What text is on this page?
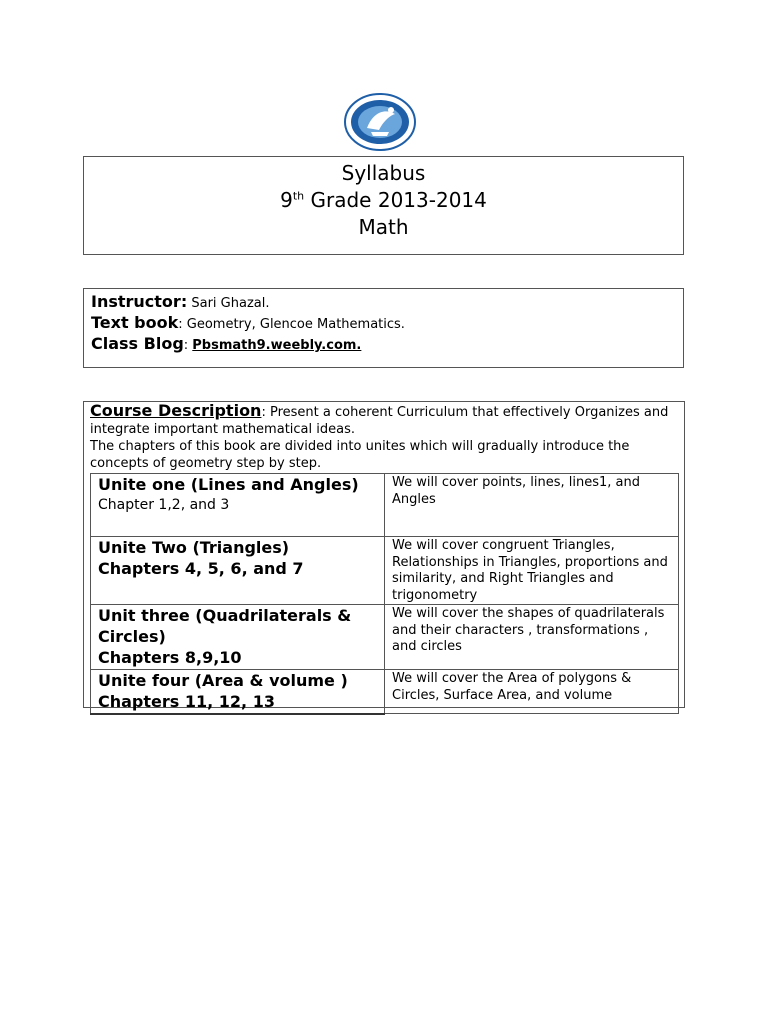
Syllabus
9th Grade 2013-2014
Math
Instructor: Sari Ghazal.
Text book: Geometry, Glencoe Mathematics.
Class Blog: Pbsmath9.weebly.com.
Course Description: Present a coherent Curriculum that effectively Organizes and integrate important mathematical ideas.
The chapters of this book are divided into unites which will gradually introduce the concepts of geometry step by step.
Unite one (Lines and Angles)
Chapter 1,2, and 3	We will cover points, lines, lines1, and Angles

Unite Two (Triangles)
Chapters 4, 5, 6, and 7	We will cover congruent Triangles, Relationships in Triangles, proportions and similarity, and Right Triangles and trigonometry

Unit three (Quadrilaterals & Circles)
Chapters 8,9,10	We will cover the shapes of quadrilaterals and their characters , transformations , and circles

Unite four (Area & volume )
Chapters 11, 12, 13	We will cover the Area of polygons & Circles, Surface Area, and volume
